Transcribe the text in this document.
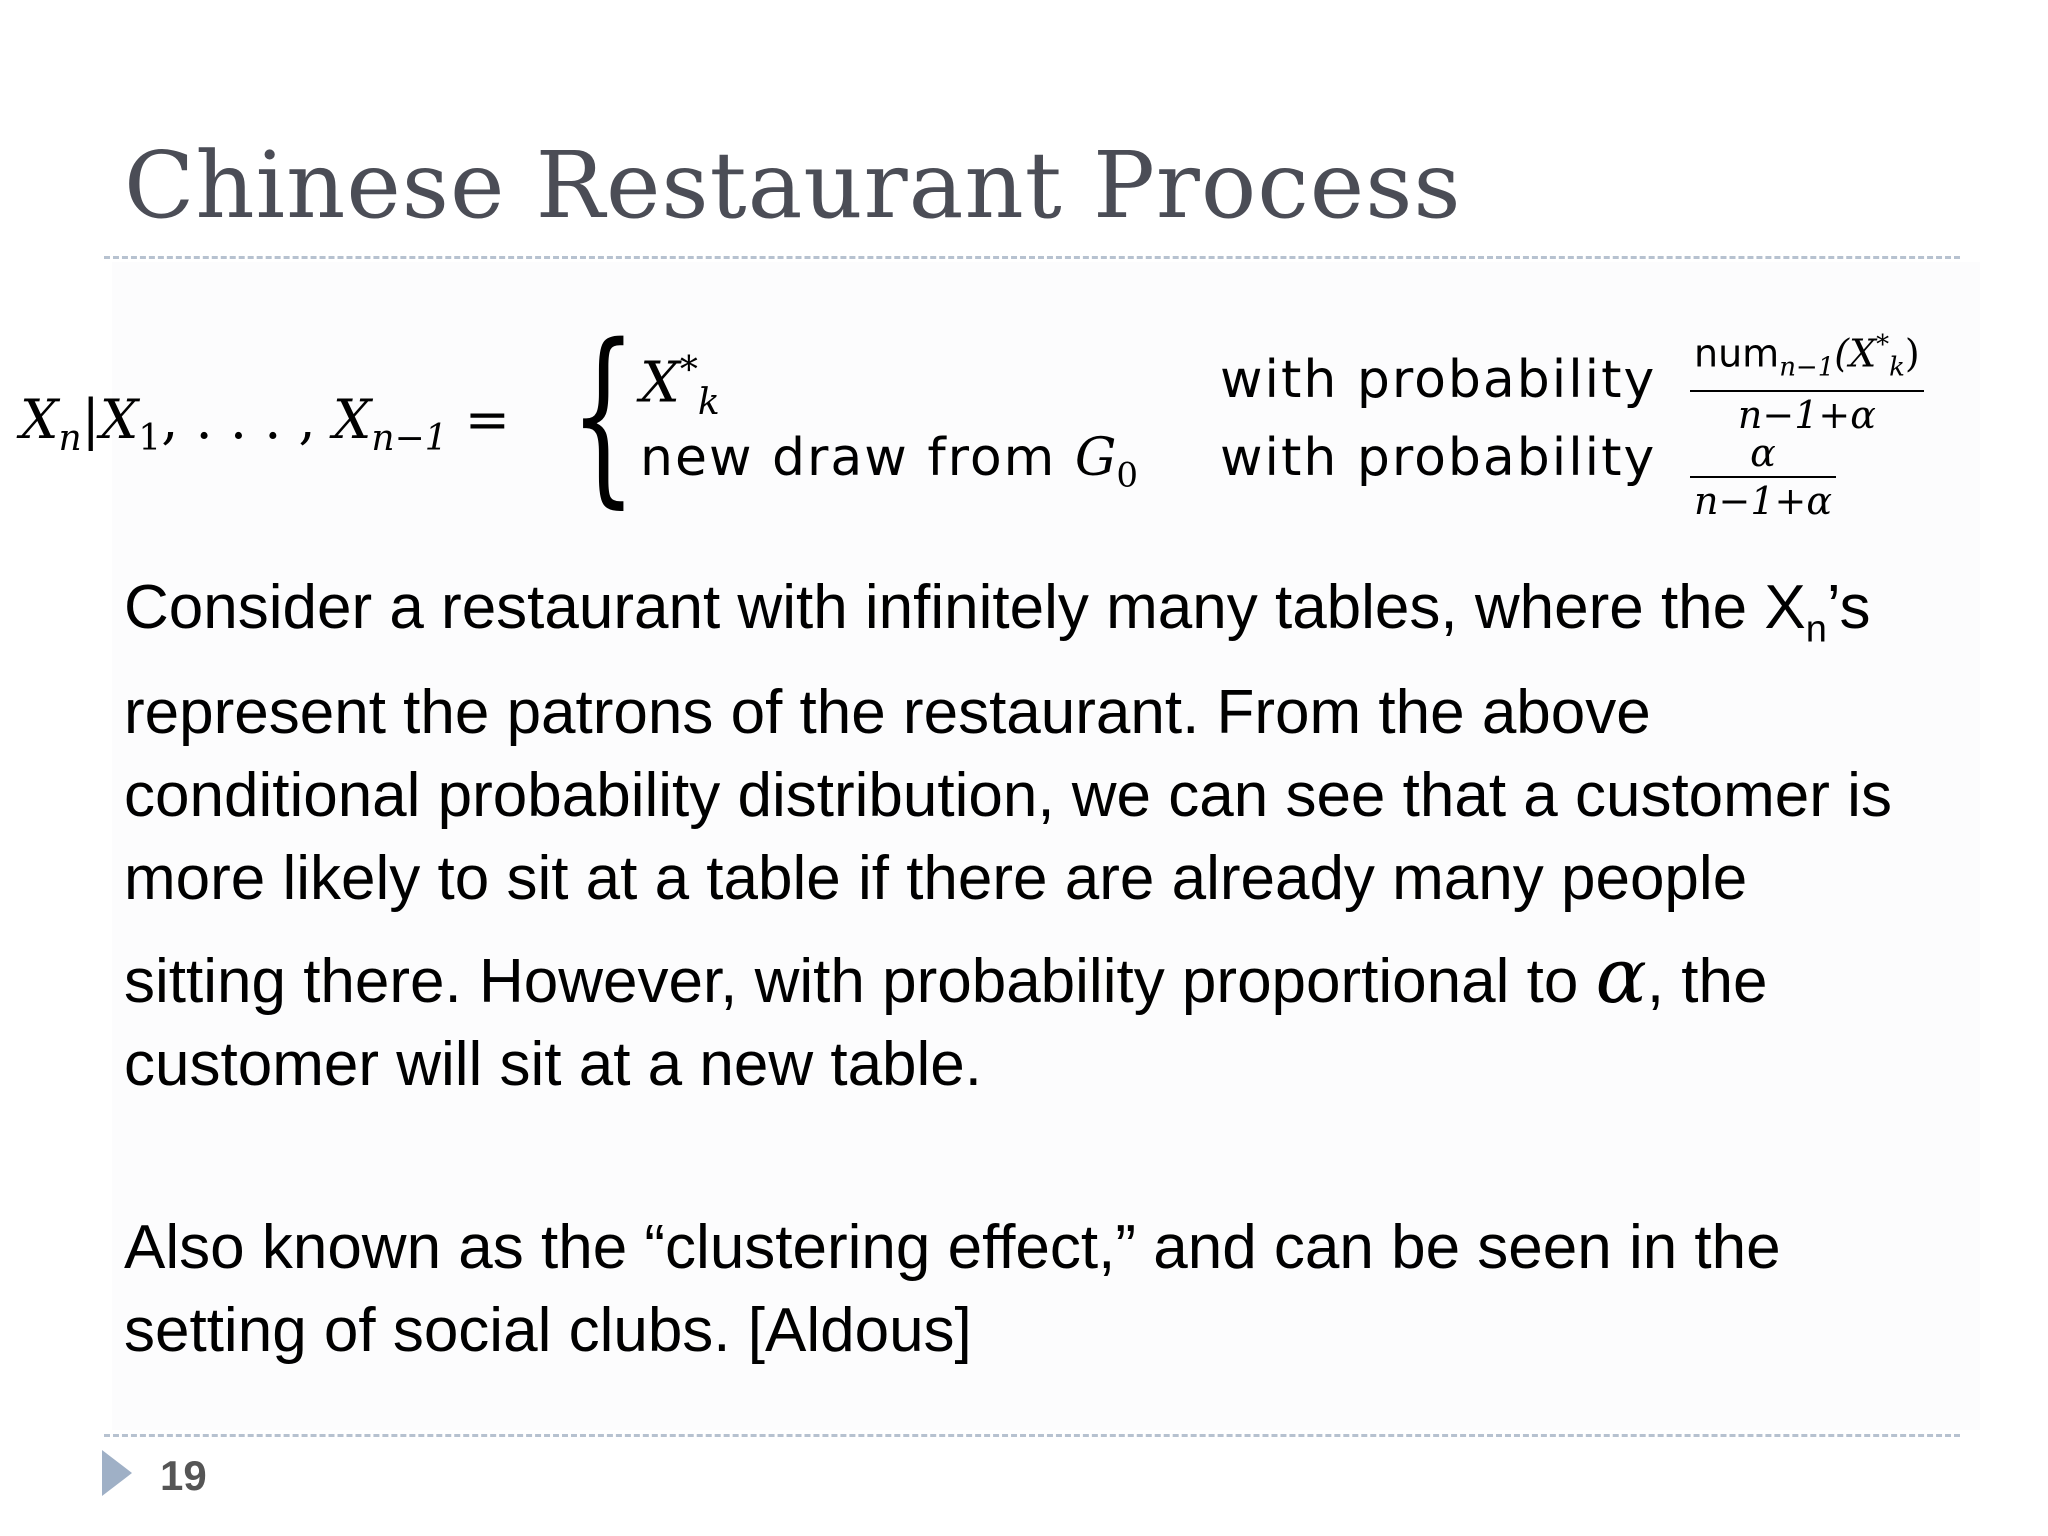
Chinese Restaurant Process
$X_n|X_1$, . . . , $X_{n-1}$ = { $X^*_k$
new draw from $G_0$
with probability
with probability
$num_{n-1}(X^*_k)$
n−1+α
$\frac{\alpha}{n-1+\alpha}$
Consider a restaurant with infinitely many tables, where the $X_n’s$
represent the patrons of the restaurant. From the above
conditional probability distribution, we can see that a customer is
more likely to sit at a table if there are already many people
sitting there. However, with probability proportional to α, the
customer will sit at a new table.
Also known as the “clustering effect,” and can be seen in the
setting of social clubs. [Aldous]
19
